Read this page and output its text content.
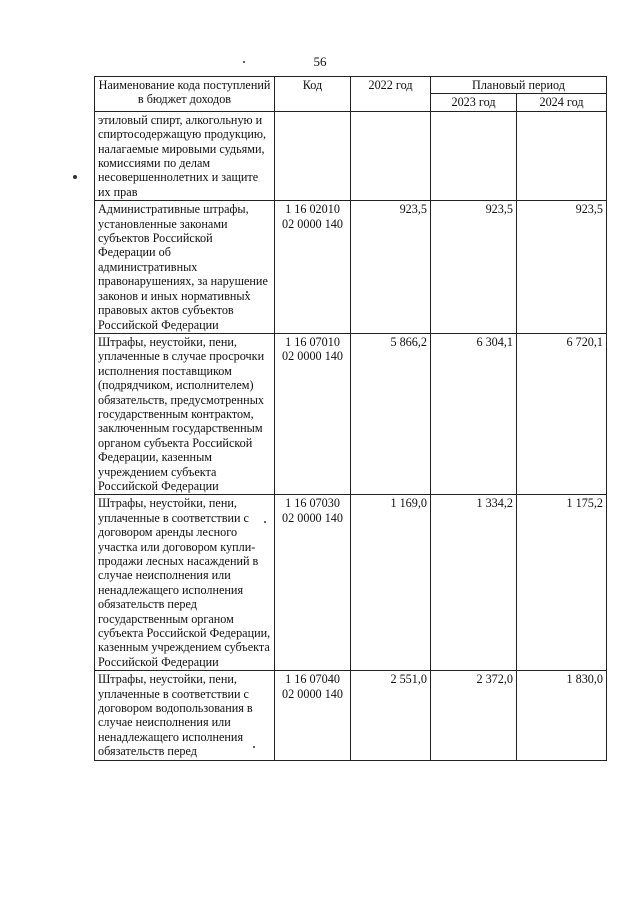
56
Наименование кода поступлений в бюджет доходов	Код	2022 год	Плановый период	
			2023 год	2024 год
этиловый спирт, алкогольную и спиртосодержащую продукцию, налагаемые мировыми судьями, комиссиями по делам несовершеннолетних и защите их прав				
Административные штрафы, установленные законами субъектов Российской Федерации об административных правонарушениях, за нарушение законов и иных нормативных правовых актов субъектов Российской Федерации	1 16 02010 02 0000 140	923,5	923,5	923,5
Штрафы, неустойки, пени, уплаченные в случае просрочки исполнения поставщиком (подрядчиком, исполнителем) обязательств, предусмотренных государственным контрактом, заключенным государственным органом субъекта Российской Федерации, казенным учреждением субъекта Российской Федерации	1 16 07010 02 0000 140	5 866,2	6 304,1	6 720,1
Штрафы, неустойки, пени, уплаченные в соответствии с договором аренды лесного участка или договором купли-продажи лесных насаждений в случае неисполнения или ненадлежащего исполнения обязательств перед государственным органом субъекта Российской Федерации, казенным учреждением субъекта Российской Федерации	1 16 07030 02 0000 140	1 169,0	1 334,2	1 175,2
Штрафы, неустойки, пени, уплаченные в соответствии с договором водопользования в случае неисполнения или ненадлежащего исполнения обязательств перед	1 16 07040 02 0000 140	2 551,0	2 372,0	1 830,0
